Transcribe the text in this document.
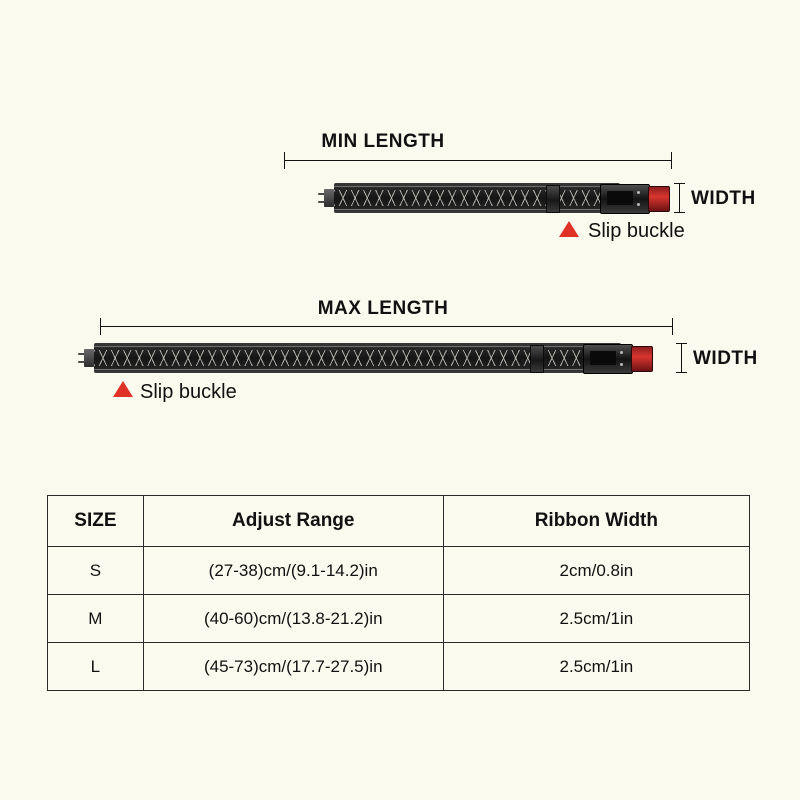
MIN LENGTH
WIDTH
Slip buckle
MAX LENGTH
WIDTH
Slip buckle
SIZE	Adjust Range	Ribbon Width
S	(27-38)cm/(9.1-14.2)in	2cm/0.8in
M	(40-60)cm/(13.8-21.2)in	2.5cm/1in
L	(45-73)cm/(17.7-27.5)in	2.5cm/1in
